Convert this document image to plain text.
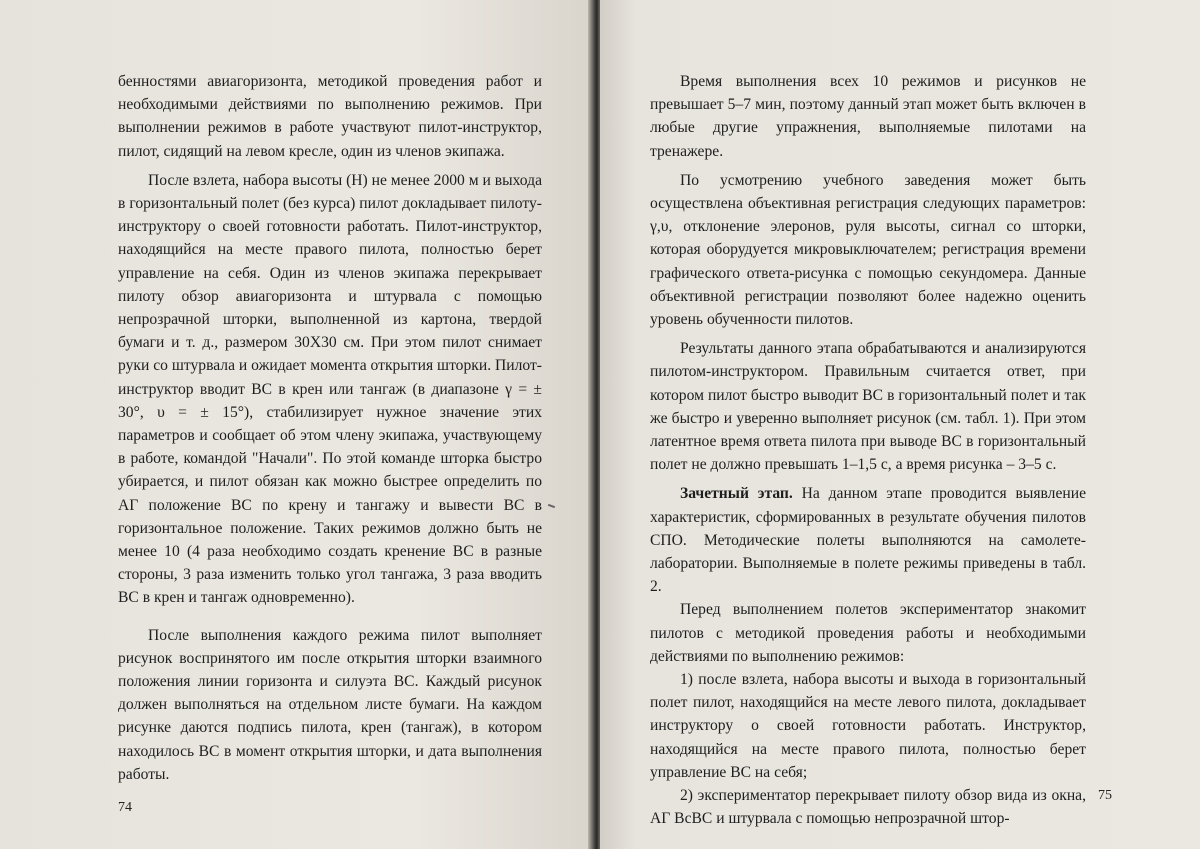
бенностями авиагоризонта, методикой проведения работ и необходимыми действиями по выполнению режимов. При выполнении режимов в работе участвуют пилот-инструктор, пилот, сидящий на левом кресле, один из членов экипажа.

После взлета, набора высоты (H) не менее 2000 м и выхода в горизонтальный полет (без курса) пилот докладывает пилоту-инструктору о своей готовности работать. Пилот-инструктор, находящийся на месте правого пилота, полностью берет управление на себя. Один из членов экипажа перекрывает пилоту обзор авиагоризонта и штурвала с помощью непрозрачной шторки, выполненной из картона, твердой бумаги и т. д., размером 30Х30 см. При этом пилот снимает руки со штурвала и ожидает момента открытия шторки. Пилот-инструктор вводит ВС в крен или тангаж (в диапазоне γ = ± 30°, υ = ± 15°), стабилизирует нужное значение этих параметров и сообщает об этом члену экипажа, участвующему в работе, командой "Начали". По этой команде шторка быстро убирается, и пилот обязан как можно быстрее определить по АГ положение ВС по крену и тангажу и вывести ВС в горизонтальное положение. Таких режимов должно быть не менее 10 (4 раза необходимо создать кренение ВС в разные стороны, 3 раза изменить только угол тангажа, 3 раза вводить ВС в крен и тангаж одновременно).

После выполнения каждого режима пилот выполняет рисунок воспринятого им после открытия шторки взаимного положения линии горизонта и силуэта ВС. Каждый рисунок должен выполняться на отдельном листе бумаги. На каждом рисунке даются подпись пилота, крен (тангаж), в котором находилось ВС в момент открытия шторки, и дата выполнения работы.

74

Время выполнения всех 10 режимов и рисунков не превышает 5–7 мин, поэтому данный этап может быть включен в любые другие упражнения, выполняемые пилотами на тренажере.

По усмотрению учебного заведения может быть осуществлена объективная регистрация следующих параметров: γ,υ, отклонение элеронов, руля высоты, сигнал со шторки, которая оборудуется микровыключателем; регистрация времени графического ответа-рисунка с помощью секундомера. Данные объективной регистрации позволяют более надежно оценить уровень обученности пилотов.

Результаты данного этапа обрабатываются и анализируются пилотом-инструктором. Правильным считается ответ, при котором пилот быстро выводит ВС в горизонтальный полет и так же быстро и уверенно выполняет рисунок (см. табл. 1). При этом латентное время ответа пилота при выводе ВС в горизонтальный полет не должно превышать 1–1,5 с, а время рисунка – 3–5 с.

Зачетный этап. На данном этапе проводится выявление характеристик, сформированных в результате обучения пилотов СПО. Методические полеты выполняются на самолете-лаборатории. Выполняемые в полете режимы приведены в табл. 2.

Перед выполнением полетов экспериментатор знакомит пилотов с методикой проведения работы и необходимыми действиями по выполнению режимов:

1) после взлета, набора высоты и выхода в горизонтальный полет пилот, находящийся на месте левого пилота, докладывает инструктору о своей готовности работать. Инструктор, находящийся на месте правого пилота, полностью берет управление ВС на себя;

2) экспериментатор перекрывает пилоту обзор вида из окна, АГ ВсВС и штурвала с помощью непрозрачной штор-

75
